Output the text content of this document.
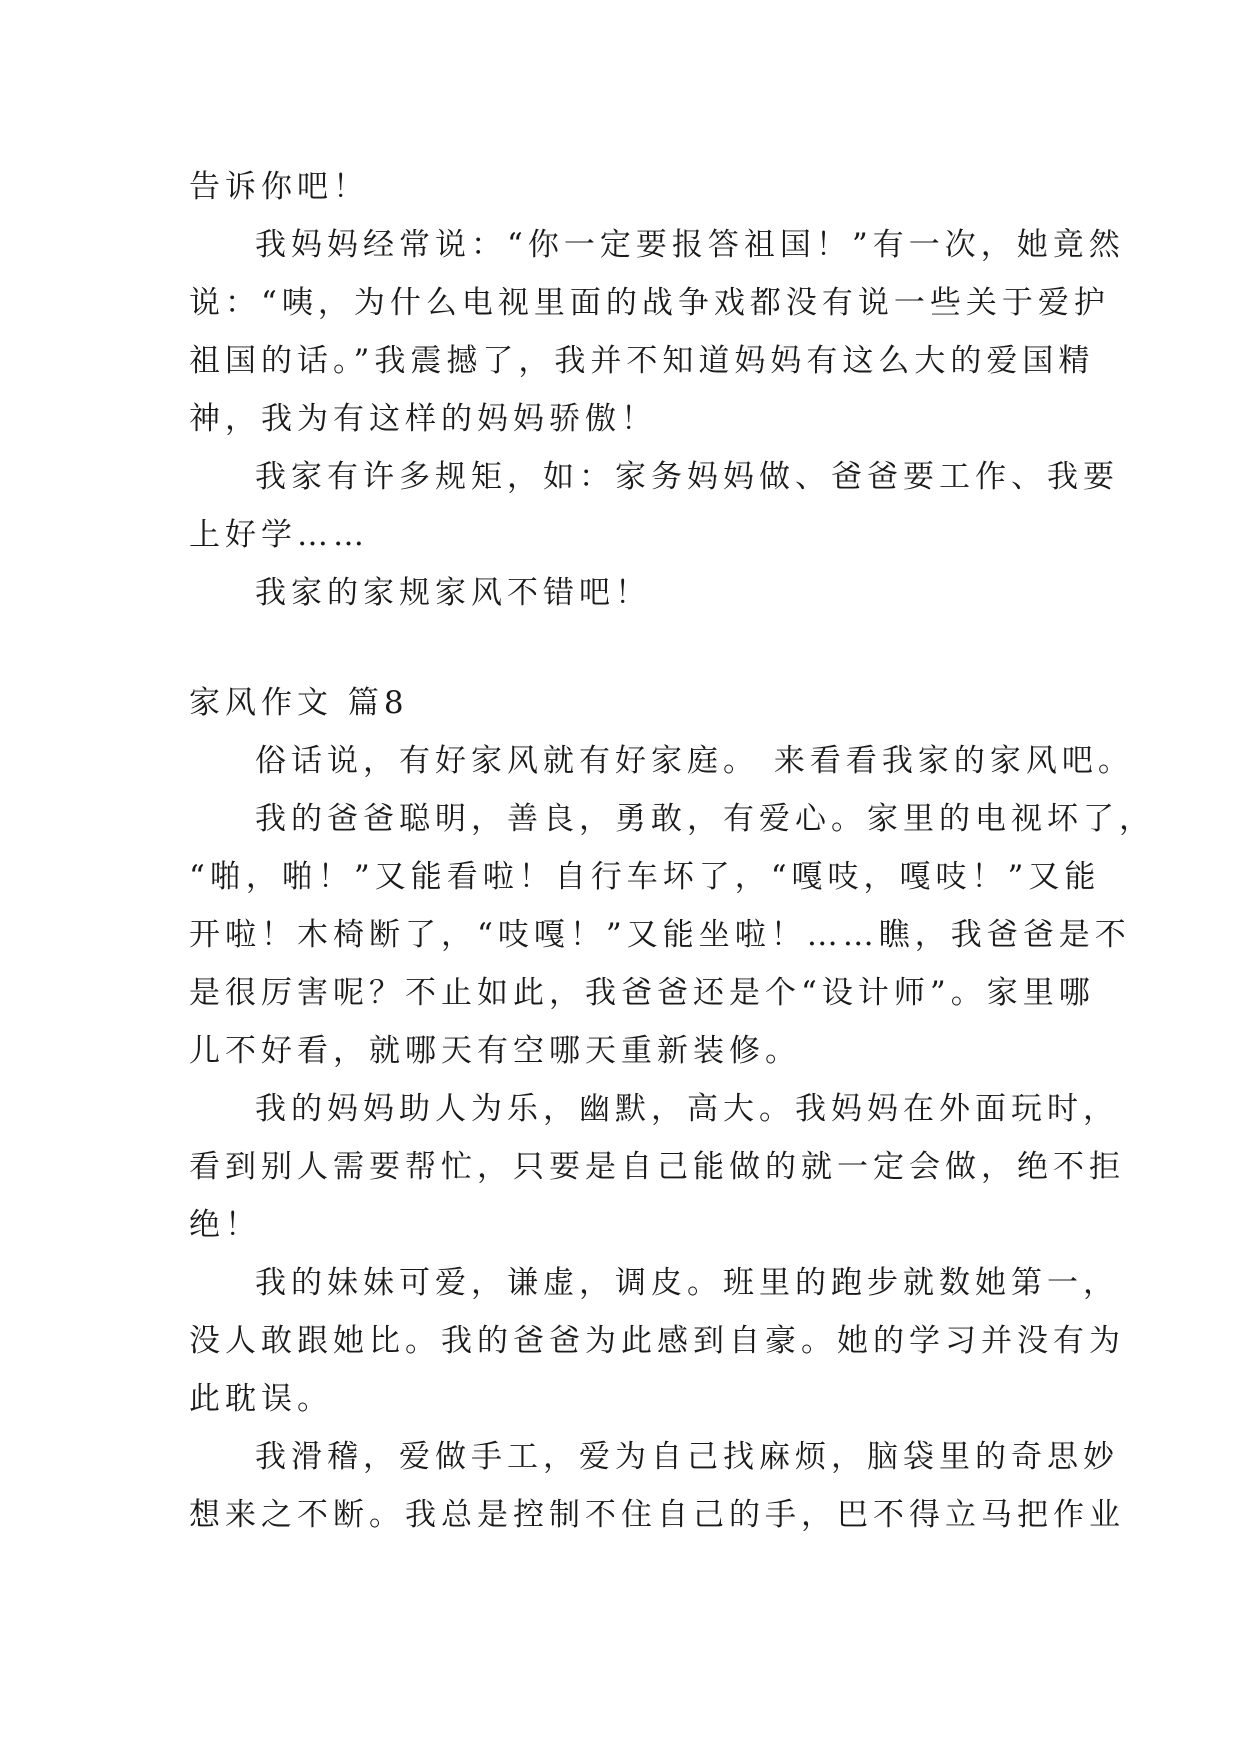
告诉你吧！
我妈妈经常说：“你一定要报答祖国！”有一次，她竟然
说：“咦，为什么电视里面的战争戏都没有说一些关于爱护
祖国的话。”我震撼了，我并不知道妈妈有这么大的爱国精
神，我为有这样的妈妈骄傲！
我家有许多规矩，如：家务妈妈做、爸爸要工作、我要
上好学……
我家的家规家风不错吧！
家风作文 篇8
俗话说，有好家风就有好家庭。 来看看我家的家风吧。
我的爸爸聪明，善良，勇敢，有爱心。家里的电视坏了，
“啪，啪！”又能看啦！自行车坏了，“嘎吱，嘎吱！”又能
开啦！木椅断了，“吱嘎！”又能坐啦！……瞧，我爸爸是不
是很厉害呢？不止如此，我爸爸还是个“设计师”。家里哪
儿不好看，就哪天有空哪天重新装修。
我的妈妈助人为乐，幽默，高大。我妈妈在外面玩时，
看到别人需要帮忙，只要是自己能做的就一定会做，绝不拒
绝！
我的妹妹可爱，谦虚，调皮。班里的跑步就数她第一，
没人敢跟她比。我的爸爸为此感到自豪。她的学习并没有为
此耽误。
我滑稽，爱做手工，爱为自己找麻烦，脑袋里的奇思妙
想来之不断。我总是控制不住自己的手，巴不得立马把作业
